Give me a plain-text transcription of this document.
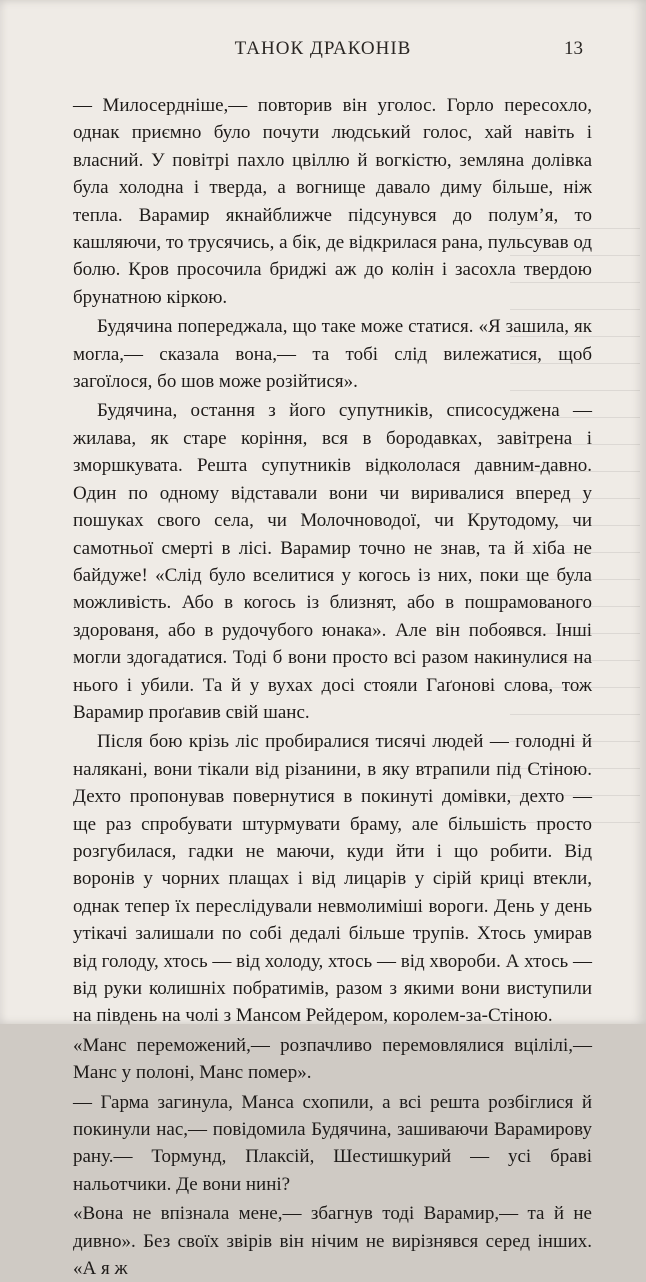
ТАНОК ДРАКОНІВ	13

— Милосердніше,— повторив він уголос. Горло пересохло, однак приємно було почути людський голос, хай навіть і власний. У повітрі пахло цвіллю й вогкістю, земляна долівка була холодна і тверда, а вогнище давало диму більше, ніж тепла. Варамир якнайближче підсунувся до полум’я, то кашляючи, то трусячись, а бік, де відкрилася рана, пульсував од болю. Кров просочила бриджі аж до колін і засохла твердою брунатною кіркою.

Будячина попереджала, що таке може статися. «Я зашила, як могла,— сказала вона,— та тобі слід вилежатися, щоб загоїлося, бо шов може розійтися».

Будячина, остання з його супутників, списосуджена — жилава, як старе коріння, вся в бородавках, завітрена і зморшкувата. Решта супутників відкололася давним-давно. Один по одному відставали вони чи виривалися вперед у пошуках свого села, чи Молочноводої, чи Крутодому, чи самотньої смерті в лісі. Варамир точно не знав, та й хіба не байдуже! «Слід було вселитися у когось із них, поки ще була можливість. Або в когось із близнят, або в пошрамованого здорованя, або в рудочубого юнака». Але він побоявся. Інші могли здогадатися. Тоді б вони просто всі разом накинулися на нього і убили. Та й у вухах досі стояли Гаґонові слова, тож Варамир проґавив свій шанс.

Після бою крізь ліс пробиралися тисячі людей — голодні й налякані, вони тікали від різанини, в яку втрапили під Стіною. Дехто пропонував повернутися в покинуті домівки, дехто — ще раз спробувати штурмувати браму, але більшість просто розгубилася, гадки не маючи, куди йти і що робити. Від воронів у чорних плащах і від лицарів у сірій криці втекли, однак тепер їх переслідували невмолиміші вороги. День у день утікачі залишали по собі дедалі більше трупів. Хтось умирав від голоду, хтось — від холоду, хтось — від хвороби. А хтось — від руки колишніх побратимів, разом з якими вони виступили на південь на чолі з Мансом Рейдером, королем-за-Стіною.

«Манс переможений,— розпачливо перемовлялися вцілілі,— Манс у полоні, Манс помер».

— Гарма загинула, Манса схопили, а всі решта розбіглися й покинули нас,— повідомила Будячина, зашиваючи Варамирову рану.— Тормунд, Плаксій, Шестишкурий — усі браві нальотчики. Де вони нині?

«Вона не впізнала мене,— збагнув тоді Варамир,— та й не дивно». Без своїх звірів він нічим не вирізнявся серед інших. «А я ж
